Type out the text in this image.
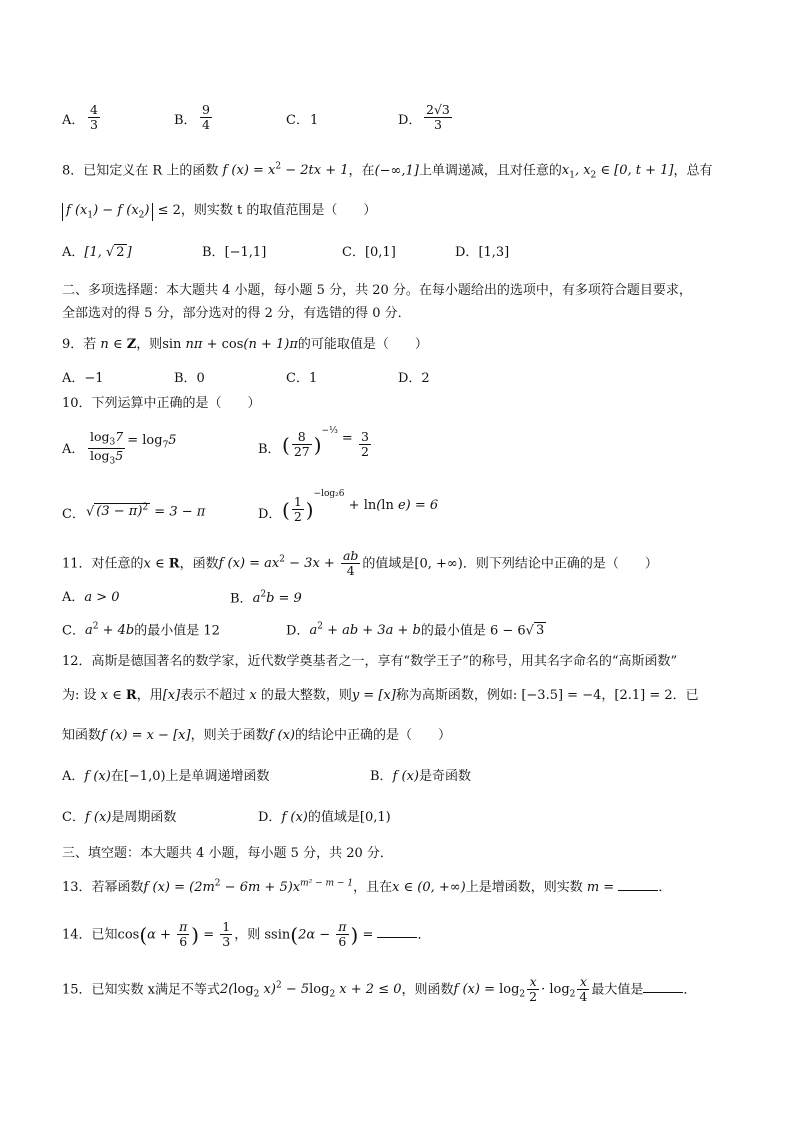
A． $\frac{4}{3}$	B． $\frac{9}{4}$	C． 1	D． $\frac{2√3}{3}$
8．已知定义在 R 上的函数 f $(x) = x^2 - 2tx + 1$，在(−∞,1]上单调递减，且对任意的$x_1$, $x_2$ ∈ [0, t + 1]，总有
f $(x_1) - f$ $(x_2) \le 2$，则实数 t 的取值范围是（　　）
A．[1, √ 2 ]	B．[−1,1]	C．[0,1]	D．[1,3]
二、多项选择题：本大题共 4 小题，每小题 5 分，共 20 分。在每小题给出的选项中，有多项符合题目要求，
全部选对的得 5 分，部分选对的得 2 分，有选错的得 0 分．
9．若 n ∈ Z，则sin nπ + cos(n + 1)π的可能取值是（　　）
A．−1	B．0	C．1	D．2
10．下列运算中正确的是（　　）
A． $\frac{\log_37}{\log_35} = \log_75$
B． ( $\frac{8}{27} )^{-\frac{1}{3}} = \frac{3}{2}$
C． √ $(3 - \pi)^2 = 3 - \pi$	D． ( $\frac{1}{2} )^{-log_26} + \ln(\ln$ e) = 6
11．对任意的x ∈ R，函数f $(x) = ax^2 - 3x + \frac{ab}{4}$ 的值域是[0, +∞)．则下列结论中正确的是（　　）
A．a > 0	B．$a^2b = 9$
C．$a^2 + 4b$的最小值是 12	D．$a^2$ + ab + 3a + b的最小值是 6 − 6√ 3
12．高斯是德国著名的数学家，近代数学奠基者之一，享有“数学王子”的称号，用其名字命名的“高斯函数”
为: 设 x ∈ R，用[x]表示不超过 x 的最大整数，则y = [x]称为高斯函数，例如: [−3.5] = −4，[2.1] = 2．已
知函数f (x) = x − [x]，则关于函数f (x)的结论中正确的是（　　）
A．f (x)在[−1,0)上是单调递增函数	B．f (x)是奇函数
C．f (x)是周期函数	D．f (x)的值域是[0,1)
三、填空题：本大题共 4 小题，每小题 5 分，共 20 分．
13．若幂函数f $(x) = (2m^2 - 6m + 5)x^{m^2 - m - 1}$，且在x ∈ (0, +∞)上是增函数，则实数 m =	．
14．已知$\cos(\alpha + \frac{\pi}{6}$ ) = $\frac{1}{3}$ ，则 $ssin(2\alpha - \frac{\pi}{6}$ ) =	．
15．已知实数 x满足不等式$2(\log_2$ $x)^2 - 5\log_2$ x + 2 ≤ 0，则函数f $(x) = \log_2 \frac{x}{2} \cdot \log_2 \frac{x}{4}$ 最大值是	．
